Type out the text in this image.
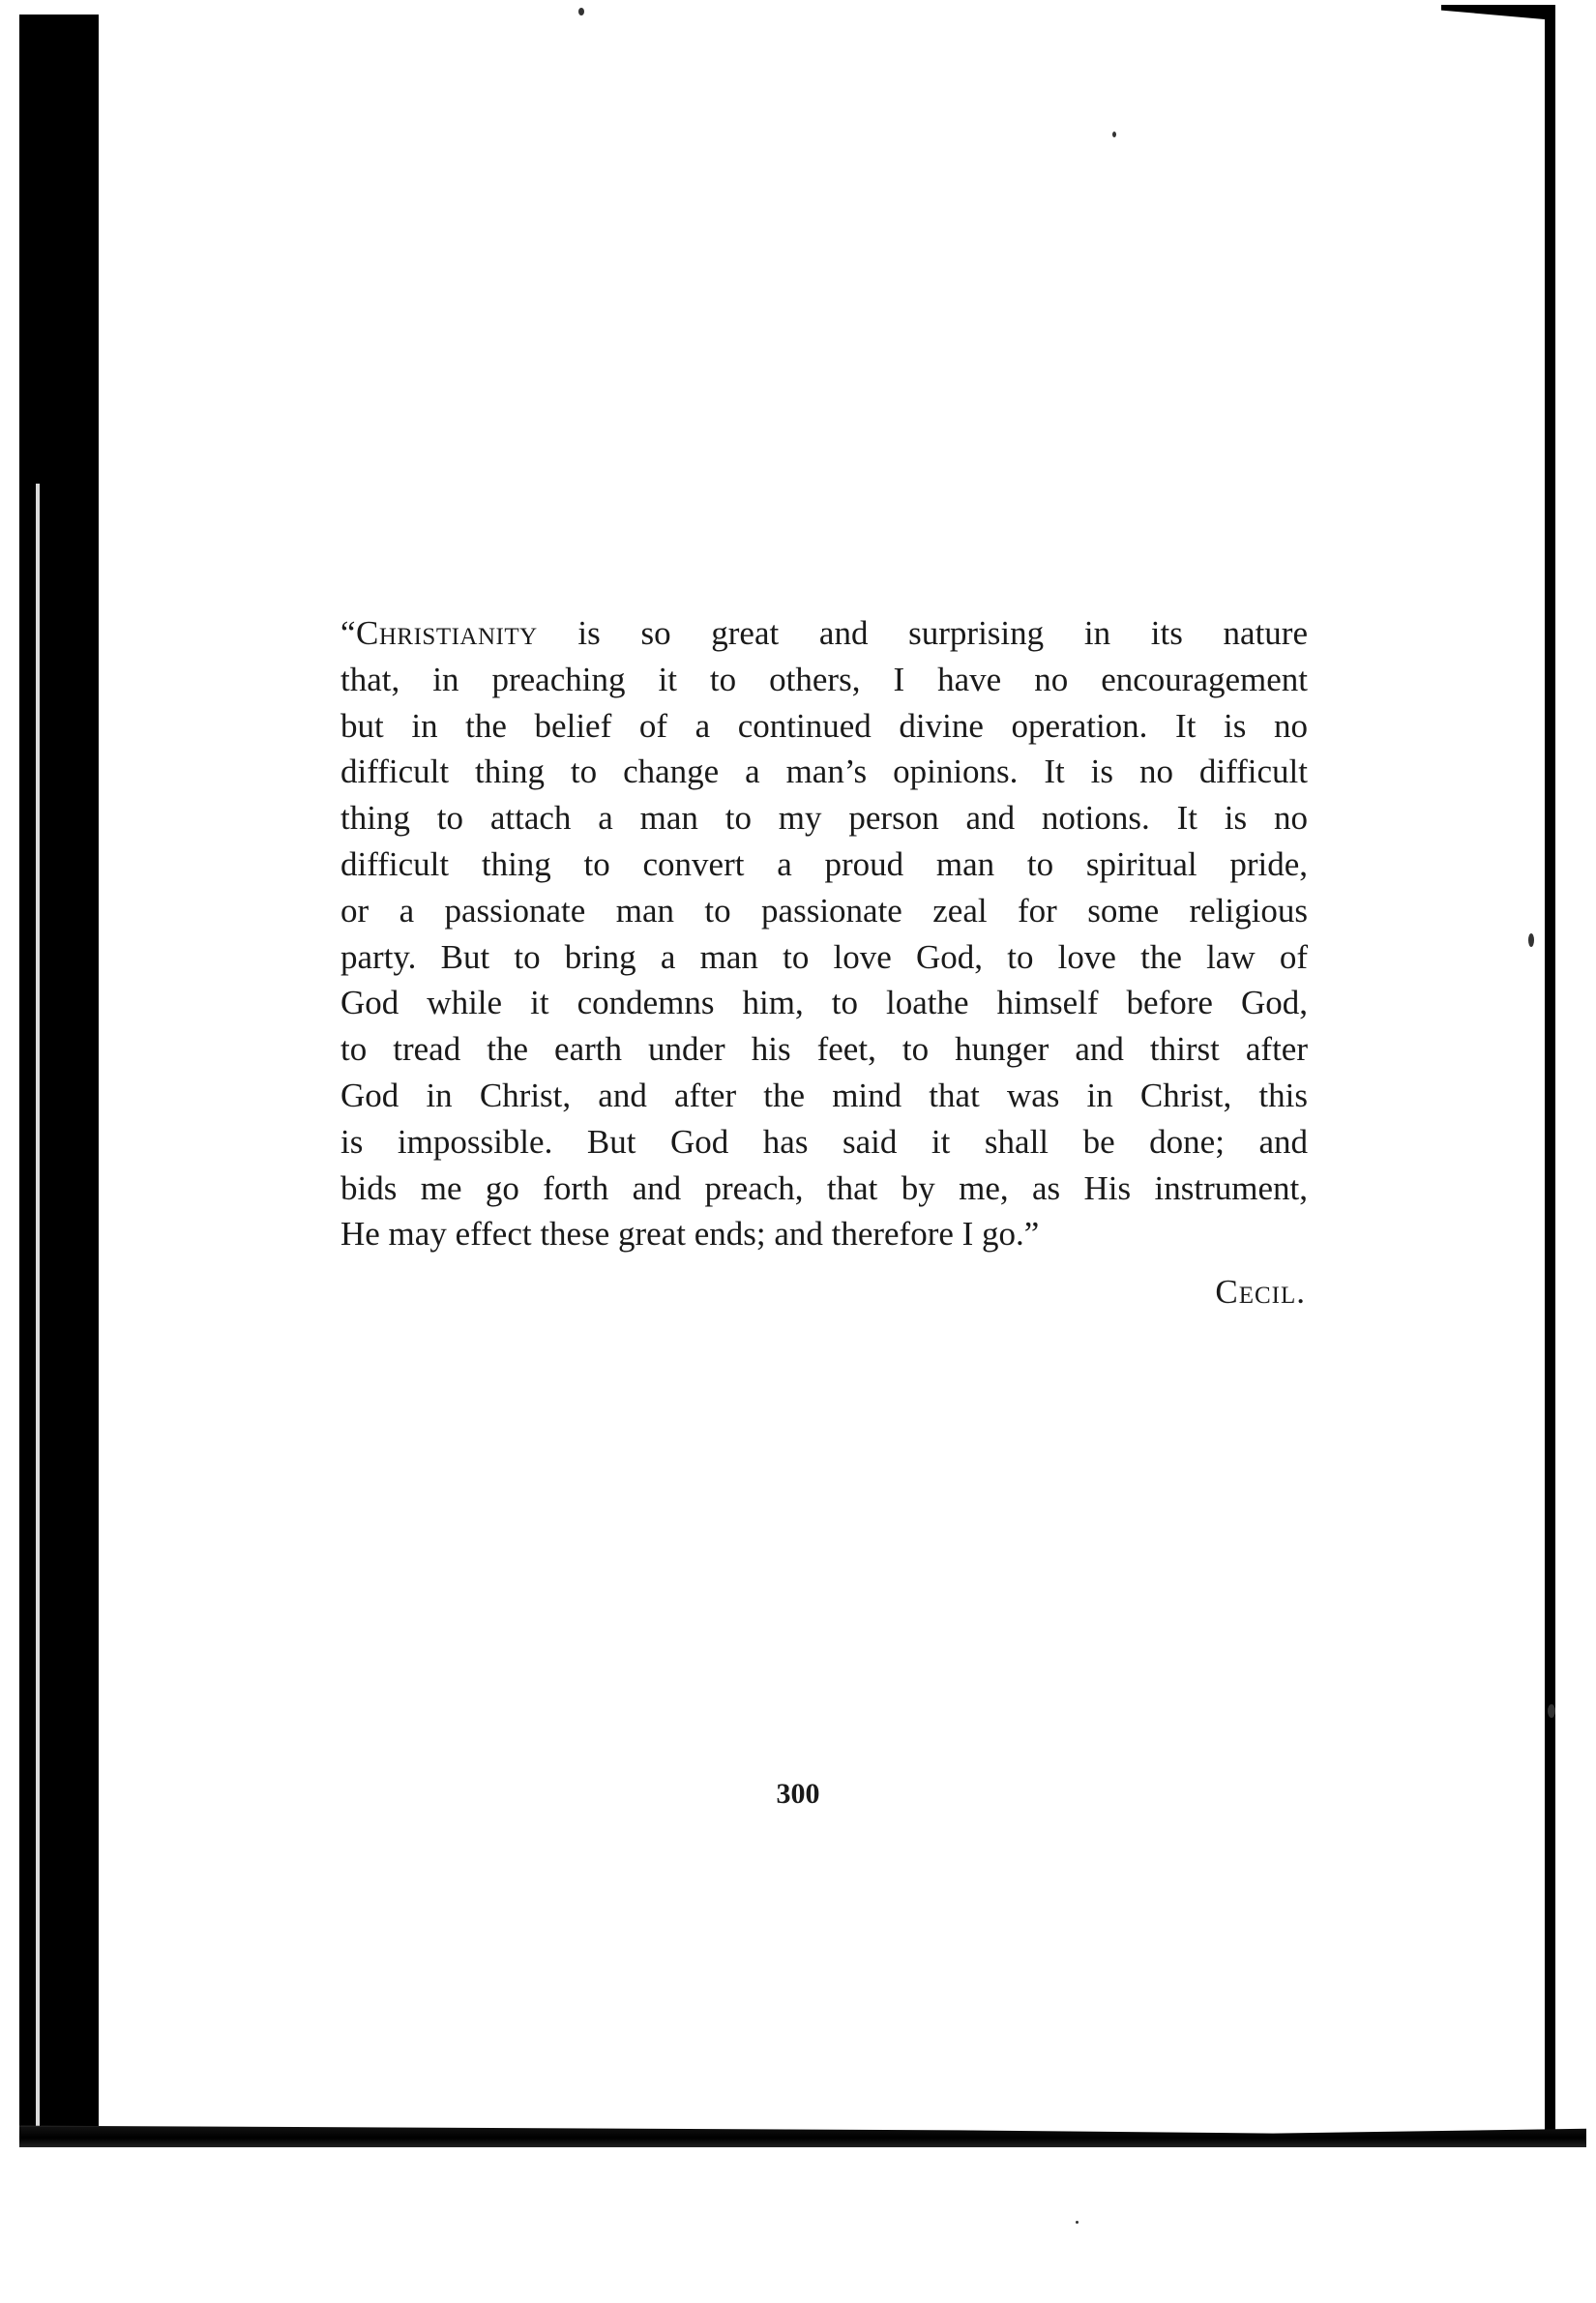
“Christianity is so great and surprising in its nature
that, in preaching it to others, I have no encouragement
but in the belief of a continued divine operation. It is no
difficult thing to change a man’s opinions. It is no difficult
thing to attach a man to my person and notions. It is no
difficult thing to convert a proud man to spiritual pride,
or a passionate man to passionate zeal for some religious
party. But to bring a man to love God, to love the law of
God while it condemns him, to loathe himself before God,
to tread the earth under his feet, to hunger and thirst after
God in Christ, and after the mind that was in Christ, this
is impossible. But God has said it shall be done; and
bids me go forth and preach, that by me, as His instrument,
He may effect these great ends; and therefore I go.”
Cecil.
300
